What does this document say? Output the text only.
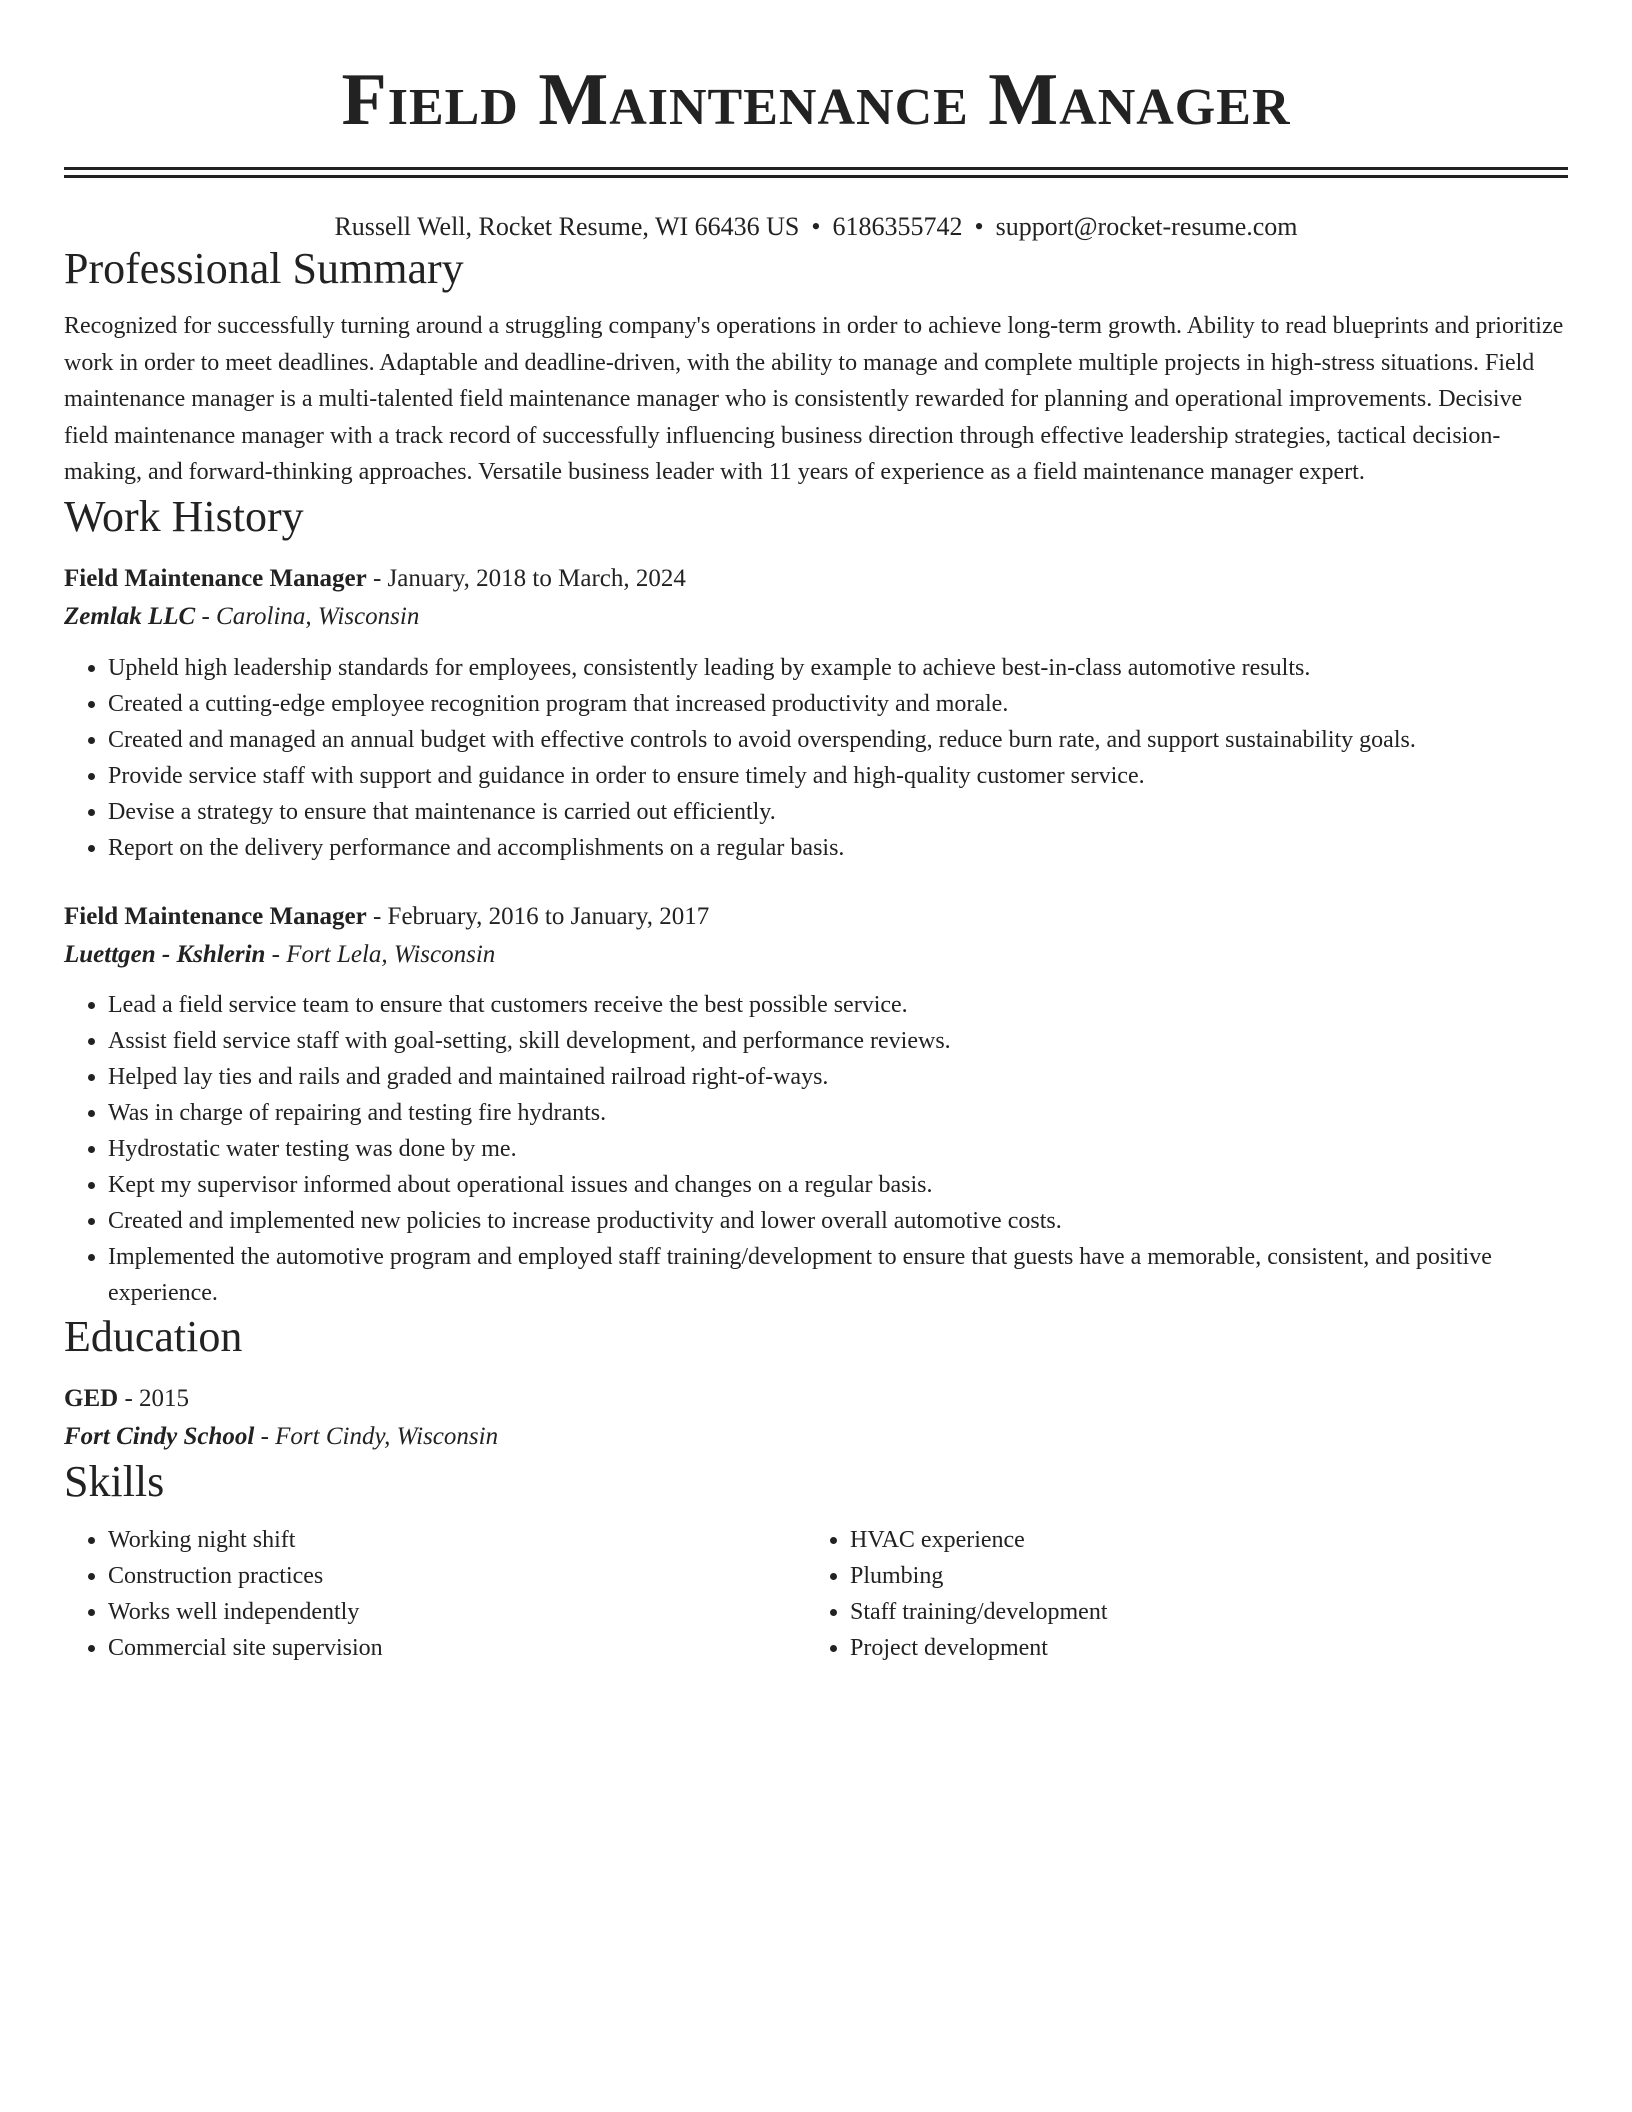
Field Maintenance Manager
Russell Well, Rocket Resume, WI 66436 US • 6186355742 • support@rocket-resume.com
Professional Summary
Recognized for successfully turning around a struggling company's operations in order to achieve long-term growth. Ability to read blueprints and prioritize work in order to meet deadlines. Adaptable and deadline-driven, with the ability to manage and complete multiple projects in high-stress situations. Field maintenance manager is a multi-talented field maintenance manager who is consistently rewarded for planning and operational improvements. Decisive field maintenance manager with a track record of successfully influencing business direction through effective leadership strategies, tactical decision-making, and forward-thinking approaches. Versatile business leader with 11 years of experience as a field maintenance manager expert.
Work History
Field Maintenance Manager - January, 2018 to March, 2024
Zemlak LLC - Carolina, Wisconsin
• Upheld high leadership standards for employees, consistently leading by example to achieve best-in-class automotive results.
• Created a cutting-edge employee recognition program that increased productivity and morale.
• Created and managed an annual budget with effective controls to avoid overspending, reduce burn rate, and support sustainability goals.
• Provide service staff with support and guidance in order to ensure timely and high-quality customer service.
• Devise a strategy to ensure that maintenance is carried out efficiently.
• Report on the delivery performance and accomplishments on a regular basis.
Field Maintenance Manager - February, 2016 to January, 2017
Luettgen - Kshlerin - Fort Lela, Wisconsin
• Lead a field service team to ensure that customers receive the best possible service.
• Assist field service staff with goal-setting, skill development, and performance reviews.
• Helped lay ties and rails and graded and maintained railroad right-of-ways.
• Was in charge of repairing and testing fire hydrants.
• Hydrostatic water testing was done by me.
• Kept my supervisor informed about operational issues and changes on a regular basis.
• Created and implemented new policies to increase productivity and lower overall automotive costs.
• Implemented the automotive program and employed staff training/development to ensure that guests have a memorable, consistent, and positive experience.
Education
GED - 2015
Fort Cindy School - Fort Cindy, Wisconsin
Skills
• Working night shift
• Construction practices
• Works well independently
• Commercial site supervision
• HVAC experience
• Plumbing
• Staff training/development
• Project development
